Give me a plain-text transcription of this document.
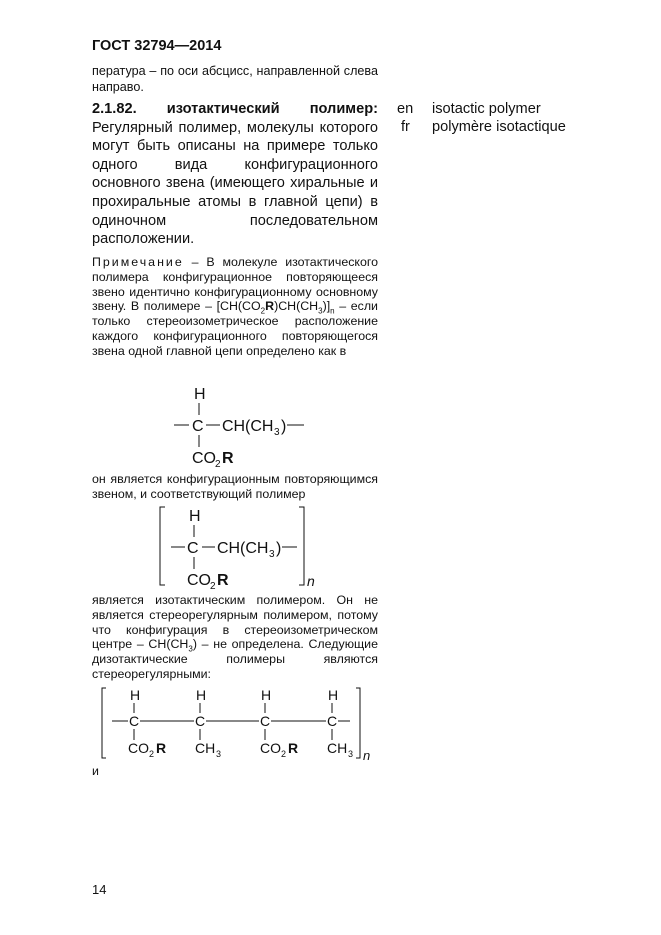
ГОСТ 32794—2014
пература – по оси абсцисс, направленной слева направо.
2.1.82. изотактический полимер:
Регулярный полимер, молекулы которого могут быть описаны на примере только одного вида конфигурационного основного звена (имеющего хиральные и прохиральные атомы в главной цепи) в одиночном последовательном расположении.
en
fr
isotactic polymer
polymère isotactique
Примечание – В молекуле изотактического полимера конфигурационное повторяющееся звено идентично конфигурационному основному звену. В полимере – $[CH(CO_2R)CH(CH_3)]_n$ – если только стереоизометрическое расположение каждого конфигурационного повторяющегося звена одной главной цепи определено как в
H
C CH (CH 3 )
CO 2 R
он является конфигурационным повторяющимся звеном, и соответствующий полимер
n
H
C CH (CH 3 )
CO 2 R
является изотактическим полимером. Он не является стереорегулярным полимером, потому что конфигурация в стереоизометрическом центре – $CH(CH_3)$ – не определена. Следующие дизотактические полимеры являются стереорегулярными:
n
H
C
CO 2 R
H
C
CH 3
H
C
CO 2 R
H
C
CH 3
и
14
